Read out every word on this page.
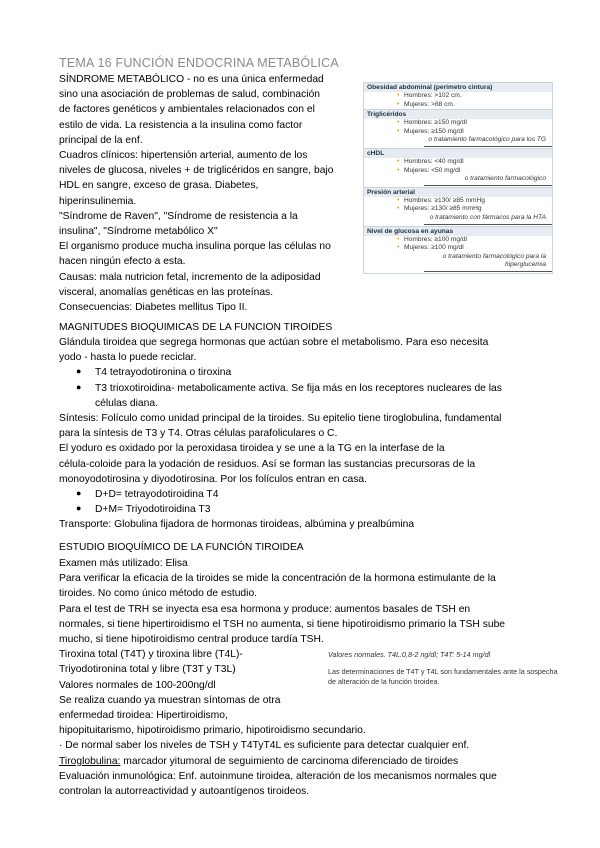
TEMA 16 FUNCIÓN ENDOCRINA METABÓLICA
SÍNDROME METABÓLICO - no es una única enfermedad
sino una asociación de problemas de salud, combinación
de factores genéticos y ambientales relacionados con el
estilo de vida. La resistencia a la insulina como factor
principal de la enf.
Cuadros clínicos: hipertensión arterial, aumento de los
niveles de glucosa, niveles + de triglicéridos en sangre, bajo
HDL en sangre, exceso de grasa. Diabetes,
hiperinsulinemia.
"Síndrome de Raven", "Síndrome de resistencia a la
insulina", "Síndrome metabólico X"
El organismo produce mucha insulina porque las células no
hacen ningún efecto a esta.
Causas: mala nutricion fetal, incremento de la adiposidad
visceral, anomalías genéticas en las proteínas.
Consecuencias: Diabetes mellitus Tipo II.
Obesidad abdominal (perímetro cintura)
• Hombres: >102 cm.
• Mujeres: >88 cm.
Triglicéridos
• Hombres: ≥150 mg/dl
• Mujeres: ≥150 mg/dl
o tratamiento farmacológico para los TG
cHDL
• Hombres: <40 mg/dl
• Mujeres: <50 mg/dl
o tratamiento farmacológico
Presión arterial
• Hombres: ≥130/ ≥85 mmHg
• Mujeres: ≥130/ ≥85 mmHg
o tratamiento con fármacos para la HTA
Nivel de glucosa en ayunas
• Hombres: ≥100 mg/dl
• Mujeres: ≥100 mg/dl
o tratamiento farmacológico para la hiperglucemia
MAGNITUDES BIOQUIMICAS DE LA FUNCION TIROIDES
Glándula tiroidea que segrega hormonas que actúan sobre el metabolismo. Para eso necesita
yodo - hasta lo puede reciclar.
● T4 tetrayodotironina o tiroxina
● T3 trioxotiroidina- metabolicamente activa. Se fija más en los receptores nucleares de las
células diana.
Síntesis: Folículo como unidad principal de la tiroides. Su epitelio tiene tiroglobulina, fundamental
para la síntesis de T3 y T4. Otras células parafoliculares o C.
El yoduro es oxidado por la peroxidasa tiroidea y se une a la TG en la interfase de la
célula-coloide para la yodación de residuos. Así se forman las sustancias precursoras de la
monoyodotirosina y diyodotirosina. Por los folículos entran en casa.
● D+D= tetrayodotiroidina T4
● D+M= Triyodotiroidina T3
Transporte: Globulina fijadora de hormonas tiroideas, albúmina y prealbúmina
ESTUDIO BIOQUÍMICO DE LA FUNCIÓN TIROIDEA
Examen más utilizado: Elisa
Para verificar la eficacia de la tiroides se mide la concentración de la hormona estimulante de la
tiroides. No como único método de estudio.
Para el test de TRH se inyecta esa esa hormona y produce: aumentos basales de TSH en
normales, si tiene hipertiroidismo el TSH no aumenta, si tiene hipotiroidismo primario la TSH sube
mucho, si tiene hipotiroidismo central produce tardía TSH.
Tiroxina total (T4T) y tiroxina libre (T4L)-
Triyodotironina total y libre (T3T y T3L)
Valores normales de 100-200ng/dl
Se realiza cuando ya muestran síntomas de otra
enfermedad tiroidea: Hipertiroidismo,
Valores normales. T4L:0,8-2 ng/dl; T4T: 5-14 mg/dl
Las determinaciones de T4T y T4L son fundamentales ante la sospecha
de alteración de la función tiroidea.
hipopituitarismo, hipotiroidismo primario, hipotiroidismo secundario.
· De normal saber los niveles de TSH y T4TyT4L es suficiente para detectar cualquier enf.
Tiroglobulina: marcador yitumoral de seguimiento de carcinoma diferenciado de tiroides
Evaluación inmunológica: Enf. autoinmune tiroidea, alteración de los mecanismos normales que
controlan la autorreactividad y autoantígenos tiroideos.
